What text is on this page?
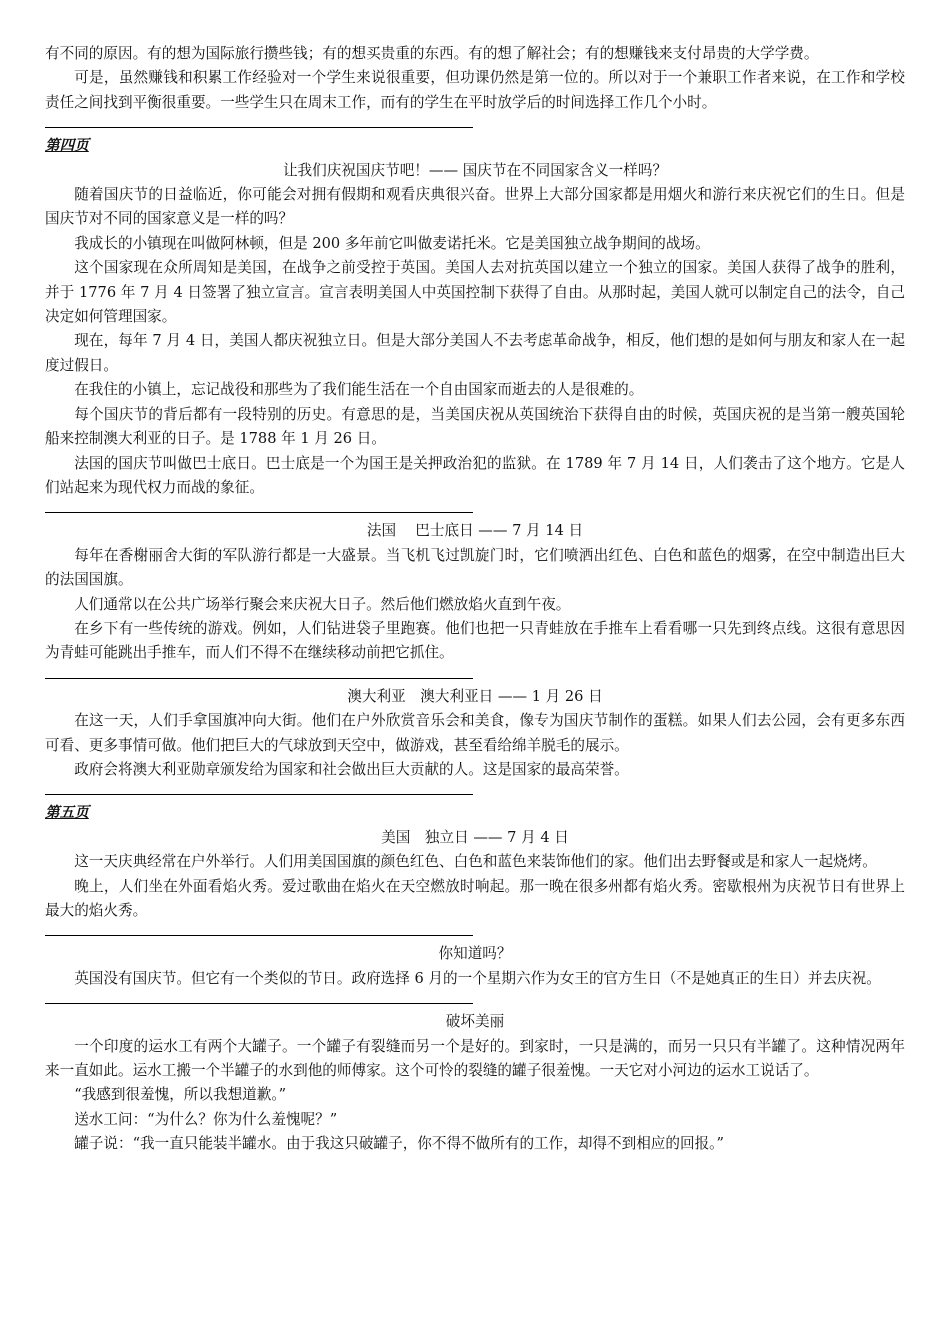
有不同的原因。有的想为国际旅行攒些钱；有的想买贵重的东西。有的想了解社会；有的想赚钱来支付昂贵的大学学费。
可是，虽然赚钱和积累工作经验对一个学生来说很重要，但功课仍然是第一位的。所以对于一个兼职工作者来说，在工作和学校责任之间找到平衡很重要。一些学生只在周末工作，而有的学生在平时放学后的时间选择工作几个小时。
第四页
让我们庆祝国庆节吧！—— 国庆节在不同国家含义一样吗？
随着国庆节的日益临近，你可能会对拥有假期和观看庆典很兴奋。世界上大部分国家都是用烟火和游行来庆祝它们的生日。但是国庆节对不同的国家意义是一样的吗？
我成长的小镇现在叫做阿林顿，但是 200 多年前它叫做麦诺托米。它是美国独立战争期间的战场。
这个国家现在众所周知是美国，在战争之前受控于英国。美国人去对抗英国以建立一个独立的国家。美国人获得了战争的胜利，并于 1776 年 7 月 4 日签署了独立宣言。宣言表明美国人中英国控制下获得了自由。从那时起，美国人就可以制定自己的法令，自己决定如何管理国家。
现在，每年 7 月 4 日，美国人都庆祝独立日。但是大部分美国人不去考虑革命战争，相反，他们想的是如何与朋友和家人在一起度过假日。
在我住的小镇上，忘记战役和那些为了我们能生活在一个自由国家而逝去的人是很难的。
每个国庆节的背后都有一段特别的历史。有意思的是，当美国庆祝从英国统治下获得自由的时候，英国庆祝的是当第一艘英国轮船来控制澳大利亚的日子。是 1788 年 1 月 26 日。
法国的国庆节叫做巴士底日。巴士底是一个为国王是关押政治犯的监狱。在 1789 年 7 月 14 日，人们袭击了这个地方。它是人们站起来为现代权力而战的象征。
法国　 巴士底日 —— 7 月 14 日
每年在香榭丽舍大街的军队游行都是一大盛景。当飞机飞过凯旋门时，它们喷洒出红色、白色和蓝色的烟雾，在空中制造出巨大的法国国旗。
人们通常以在公共广场举行聚会来庆祝大日子。然后他们燃放焰火直到午夜。
在乡下有一些传统的游戏。例如，人们钻进袋子里跑赛。他们也把一只青蛙放在手推车上看看哪一只先到终点线。这很有意思因为青蛙可能跳出手推车，而人们不得不在继续移动前把它抓住。
澳大利亚　澳大利亚日 —— 1 月 26 日
在这一天，人们手拿国旗冲向大街。他们在户外欣赏音乐会和美食，像专为国庆节制作的蛋糕。如果人们去公园，会有更多东西可看、更多事情可做。他们把巨大的气球放到天空中，做游戏，甚至看给绵羊脱毛的展示。
政府会将澳大利亚勋章颁发给为国家和社会做出巨大贡献的人。这是国家的最高荣誉。
第五页
美国　独立日 —— 7 月 4 日
这一天庆典经常在户外举行。人们用美国国旗的颜色红色、白色和蓝色来装饰他们的家。他们出去野餐或是和家人一起烧烤。
晚上，人们坐在外面看焰火秀。爱过歌曲在焰火在天空燃放时响起。那一晚在很多州都有焰火秀。密歇根州为庆祝节日有世界上最大的焰火秀。
你知道吗？
英国没有国庆节。但它有一个类似的节日。政府选择 6 月的一个星期六作为女王的官方生日（不是她真正的生日）并去庆祝。
破坏美丽
一个印度的运水工有两个大罐子。一个罐子有裂缝而另一个是好的。到家时，一只是满的，而另一只只有半罐了。这种情况两年来一直如此。运水工搬一个半罐子的水到他的师傅家。这个可怜的裂缝的罐子很羞愧。一天它对小河边的运水工说话了。
“我感到很羞愧，所以我想道歉。”
送水工问：“为什么？你为什么羞愧呢？”
罐子说：“我一直只能装半罐水。由于我这只破罐子，你不得不做所有的工作，却得不到相应的回报。”
